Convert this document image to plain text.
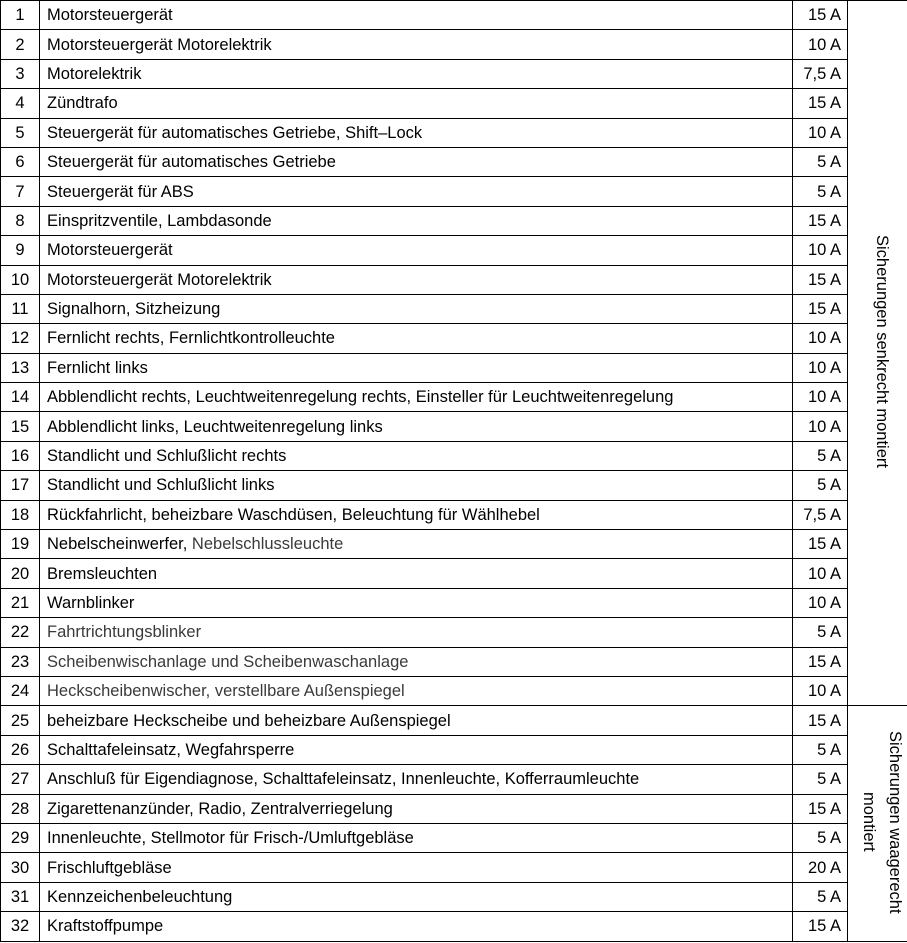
1	Motorsteuergerät	15 A	Sicherungen senkrecht montiert
2	Motorsteuergerät Motorelektrik	10 A	
3	Motorelektrik	7,5 A	
4	Zündtrafo	15 A	
5	Steuergerät für automatisches Getriebe, Shift–Lock	10 A	
6	Steuergerät für automatisches Getriebe	5 A	
7	Steuergerät für ABS	5 A	
8	Einspritzventile, Lambdasonde	15 A	
9	Motorsteuergerät	10 A	
10	Motorsteuergerät Motorelektrik	15 A	
11	Signalhorn, Sitzheizung	15 A	
12	Fernlicht rechts, Fernlichtkontrolleuchte	10 A	
13	Fernlicht links	10 A	
14	Abblendlicht rechts, Leuchtweitenregelung rechts, Einsteller für Leuchtweitenregelung	10 A	
15	Abblendlicht links, Leuchtweitenregelung links	10 A	
16	Standlicht und Schlußlicht rechts	5 A	
17	Standlicht und Schlußlicht links	5 A	
18	Rückfahrlicht, beheizbare Waschdüsen, Beleuchtung für Wählhebel	7,5 A	
19	Nebelscheinwerfer, Nebelschlussleuchte	15 A	
20	Bremsleuchten	10 A	
21	Warnblinker	10 A	
22	Fahrtrichtungsblinker	5 A	
23	Scheibenwischanlage und Scheibenwaschanlage	15 A	
24	Heckscheibenwischer, verstellbare Außenspiegel	10 A	
25	beheizbare Heckscheibe und beheizbare Außenspiegel	15 A	Sicherungen waagerecht montiert
26	Schalttafeleinsatz, Wegfahrsperre	5 A	
27	Anschluß für Eigendiagnose, Schalttafeleinsatz, Innenleuchte, Kofferraumleuchte	5 A	
28	Zigarettenanzünder, Radio, Zentralverriegelung	15 A	
29	Innenleuchte, Stellmotor für Frisch-/Umluftgebläse	5 A	
30	Frischluftgebläse	20 A	
31	Kennzeichenbeleuchtung	5 A	
32	Kraftstoffpumpe	15 A	
